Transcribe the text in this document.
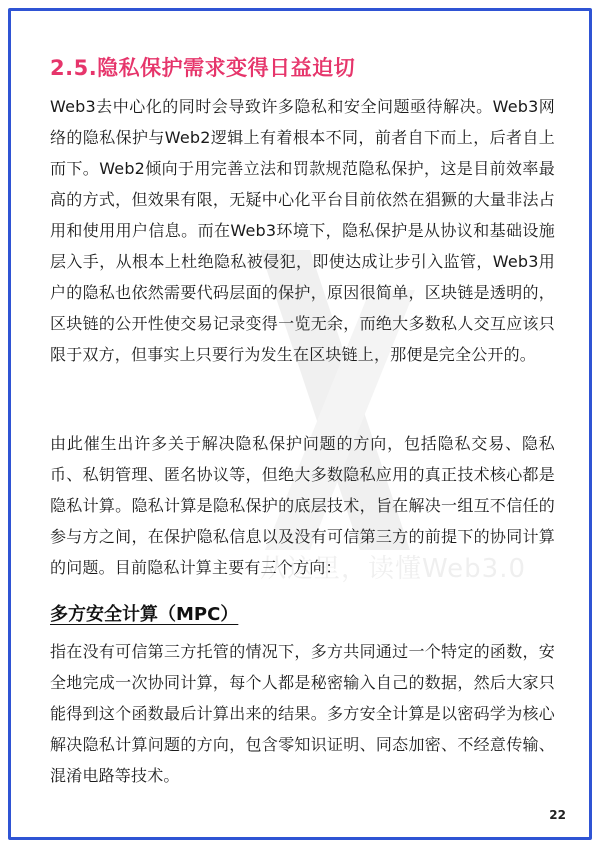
从这里，读懂Web3.0
2.5.隐私保护需求变得日益迫切

Web3去中心化的同时会导致许多隐私和安全问题亟待解决。Web3网络的隐私保护与Web2逻辑上有着根本不同，前者自下而上，后者自上而下。Web2倾向于用完善立法和罚款规范隐私保护，这是目前效率最高的方式，但效果有限，无疑中心化平台目前依然在猖獗的大量非法占用和使用用户信息。而在Web3环境下，隐私保护是从协议和基础设施层入手，从根本上杜绝隐私被侵犯，即使达成让步引入监管，Web3用户的隐私也依然需要代码层面的保护，原因很简单，区块链是透明的，区块链的公开性使交易记录变得一览无余，而绝大多数私人交互应该只限于双方，但事实上只要行为发生在区块链上，那便是完全公开的。

由此催生出许多关于解决隐私保护问题的方向，包括隐私交易、隐私币、私钥管理、匿名协议等，但绝大多数隐私应用的真正技术核心都是隐私计算。隐私计算是隐私保护的底层技术，旨在解决一组互不信任的参与方之间，在保护隐私信息以及没有可信第三方的前提下的协同计算的问题。目前隐私计算主要有三个方向：

多方安全计算（MPC）

指在没有可信第三方托管的情况下，多方共同通过一个特定的函数，安全地完成一次协同计算，每个人都是秘密输入自己的数据，然后大家只能得到这个函数最后计算出来的结果。多方安全计算是以密码学为核心解决隐私计算问题的方向，包含零知识证明、同态加密、不经意传输、混淆电路等技术。

22
